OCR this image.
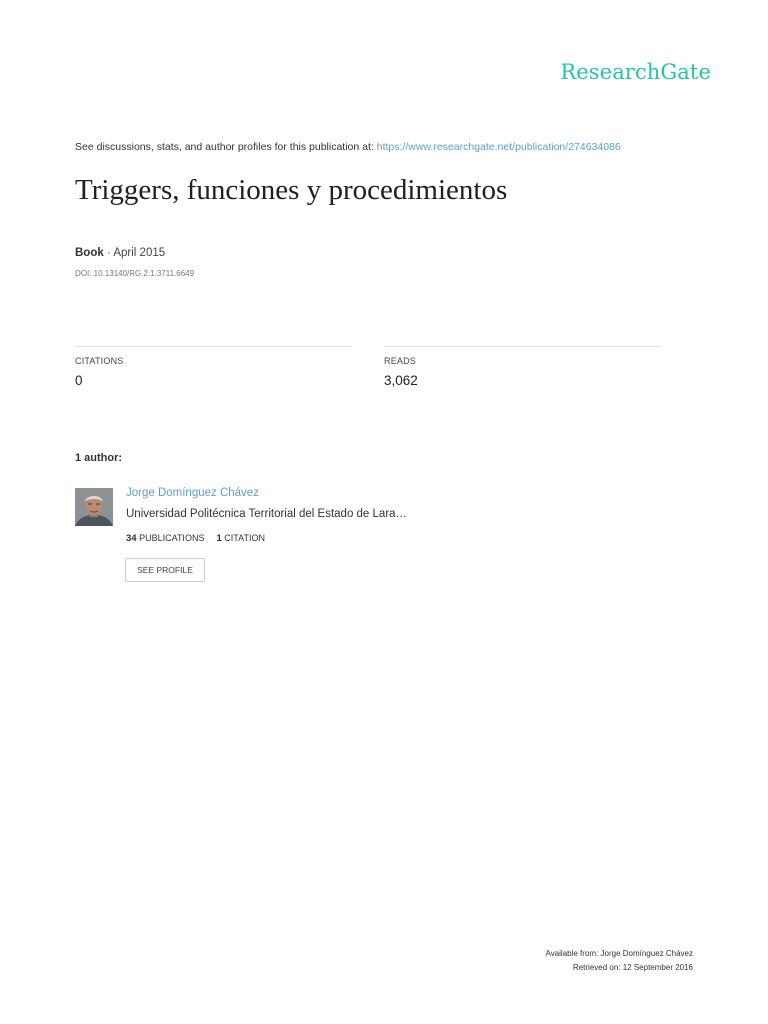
ResearchGate
See discussions, stats, and author profiles for this publication at: https://www.researchgate.net/publication/274634086
Triggers, funciones y procedimientos
Book · April 2015
DOI: 10.13140/RG.2.1.3711.6649
CITATIONS
0
READS
3,062
1 author:
Jorge Domínguez Chávez
Universidad Politécnica Territorial del Estado de Lara…
34 PUBLICATIONS 1 CITATION
SEE PROFILE
Available from: Jorge Domínguez Chávez
Retrieved on: 12 September 2016
